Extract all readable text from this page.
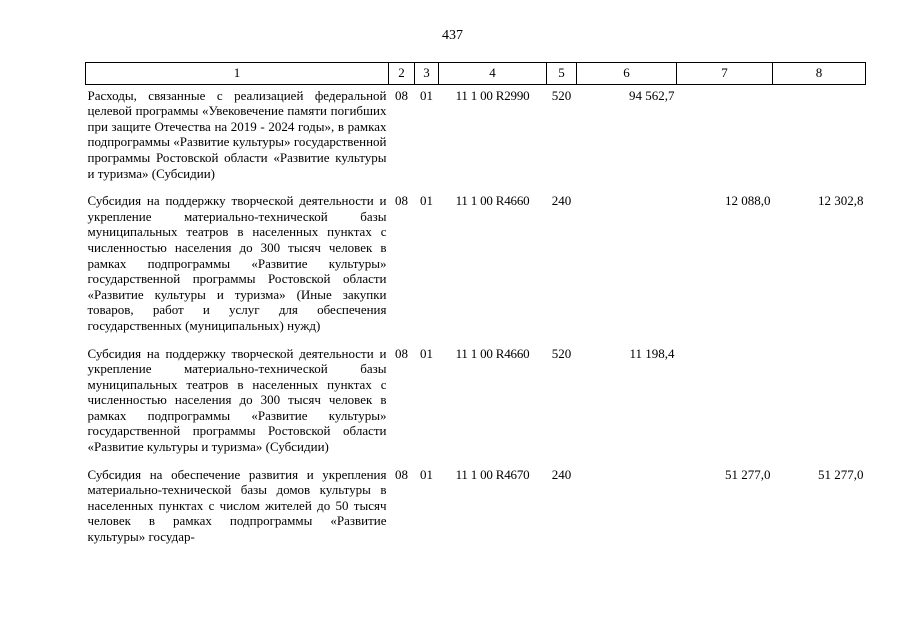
437
1	2	3	4	5	6	7	8
Расходы, связанные с реализацией федеральной целевой программы «Увековечение памяти погибших при защите Отечества на 2019 - 2024 годы», в рамках подпрограммы «Развитие культуры» государственной программы Ростовской области «Развитие культуры и туризма» (Субсидии)	08	01	11 1 00 R2990	520	94 562,7		
Субсидия на поддержку творческой деятельности и укрепление материально-технической базы муниципальных театров в населенных пунктах с численностью населения до 300 тысяч человек в рамках подпрограммы «Развитие культуры» государственной программы Ростовской области «Развитие культуры и туризма» (Иные закупки товаров, работ и услуг для обеспечения государственных (муниципальных) нужд)	08	01	11 1 00 R4660	240		12 088,0	12 302,8
Субсидия на поддержку творческой деятельности и укрепление материально-технической базы муниципальных театров в населенных пунктах с численностью населения до 300 тысяч человек в рамках подпрограммы «Развитие культуры» государственной программы Ростовской области «Развитие культуры и туризма» (Субсидии)	08	01	11 1 00 R4660	520	11 198,4		
Субсидия на обеспечение развития и укрепления материально-технической базы домов культуры в населенных пунктах с числом жителей до 50 тысяч человек в рамках подпрограммы «Развитие культуры» государ-	08	01	11 1 00 R4670	240		51 277,0	51 277,0
